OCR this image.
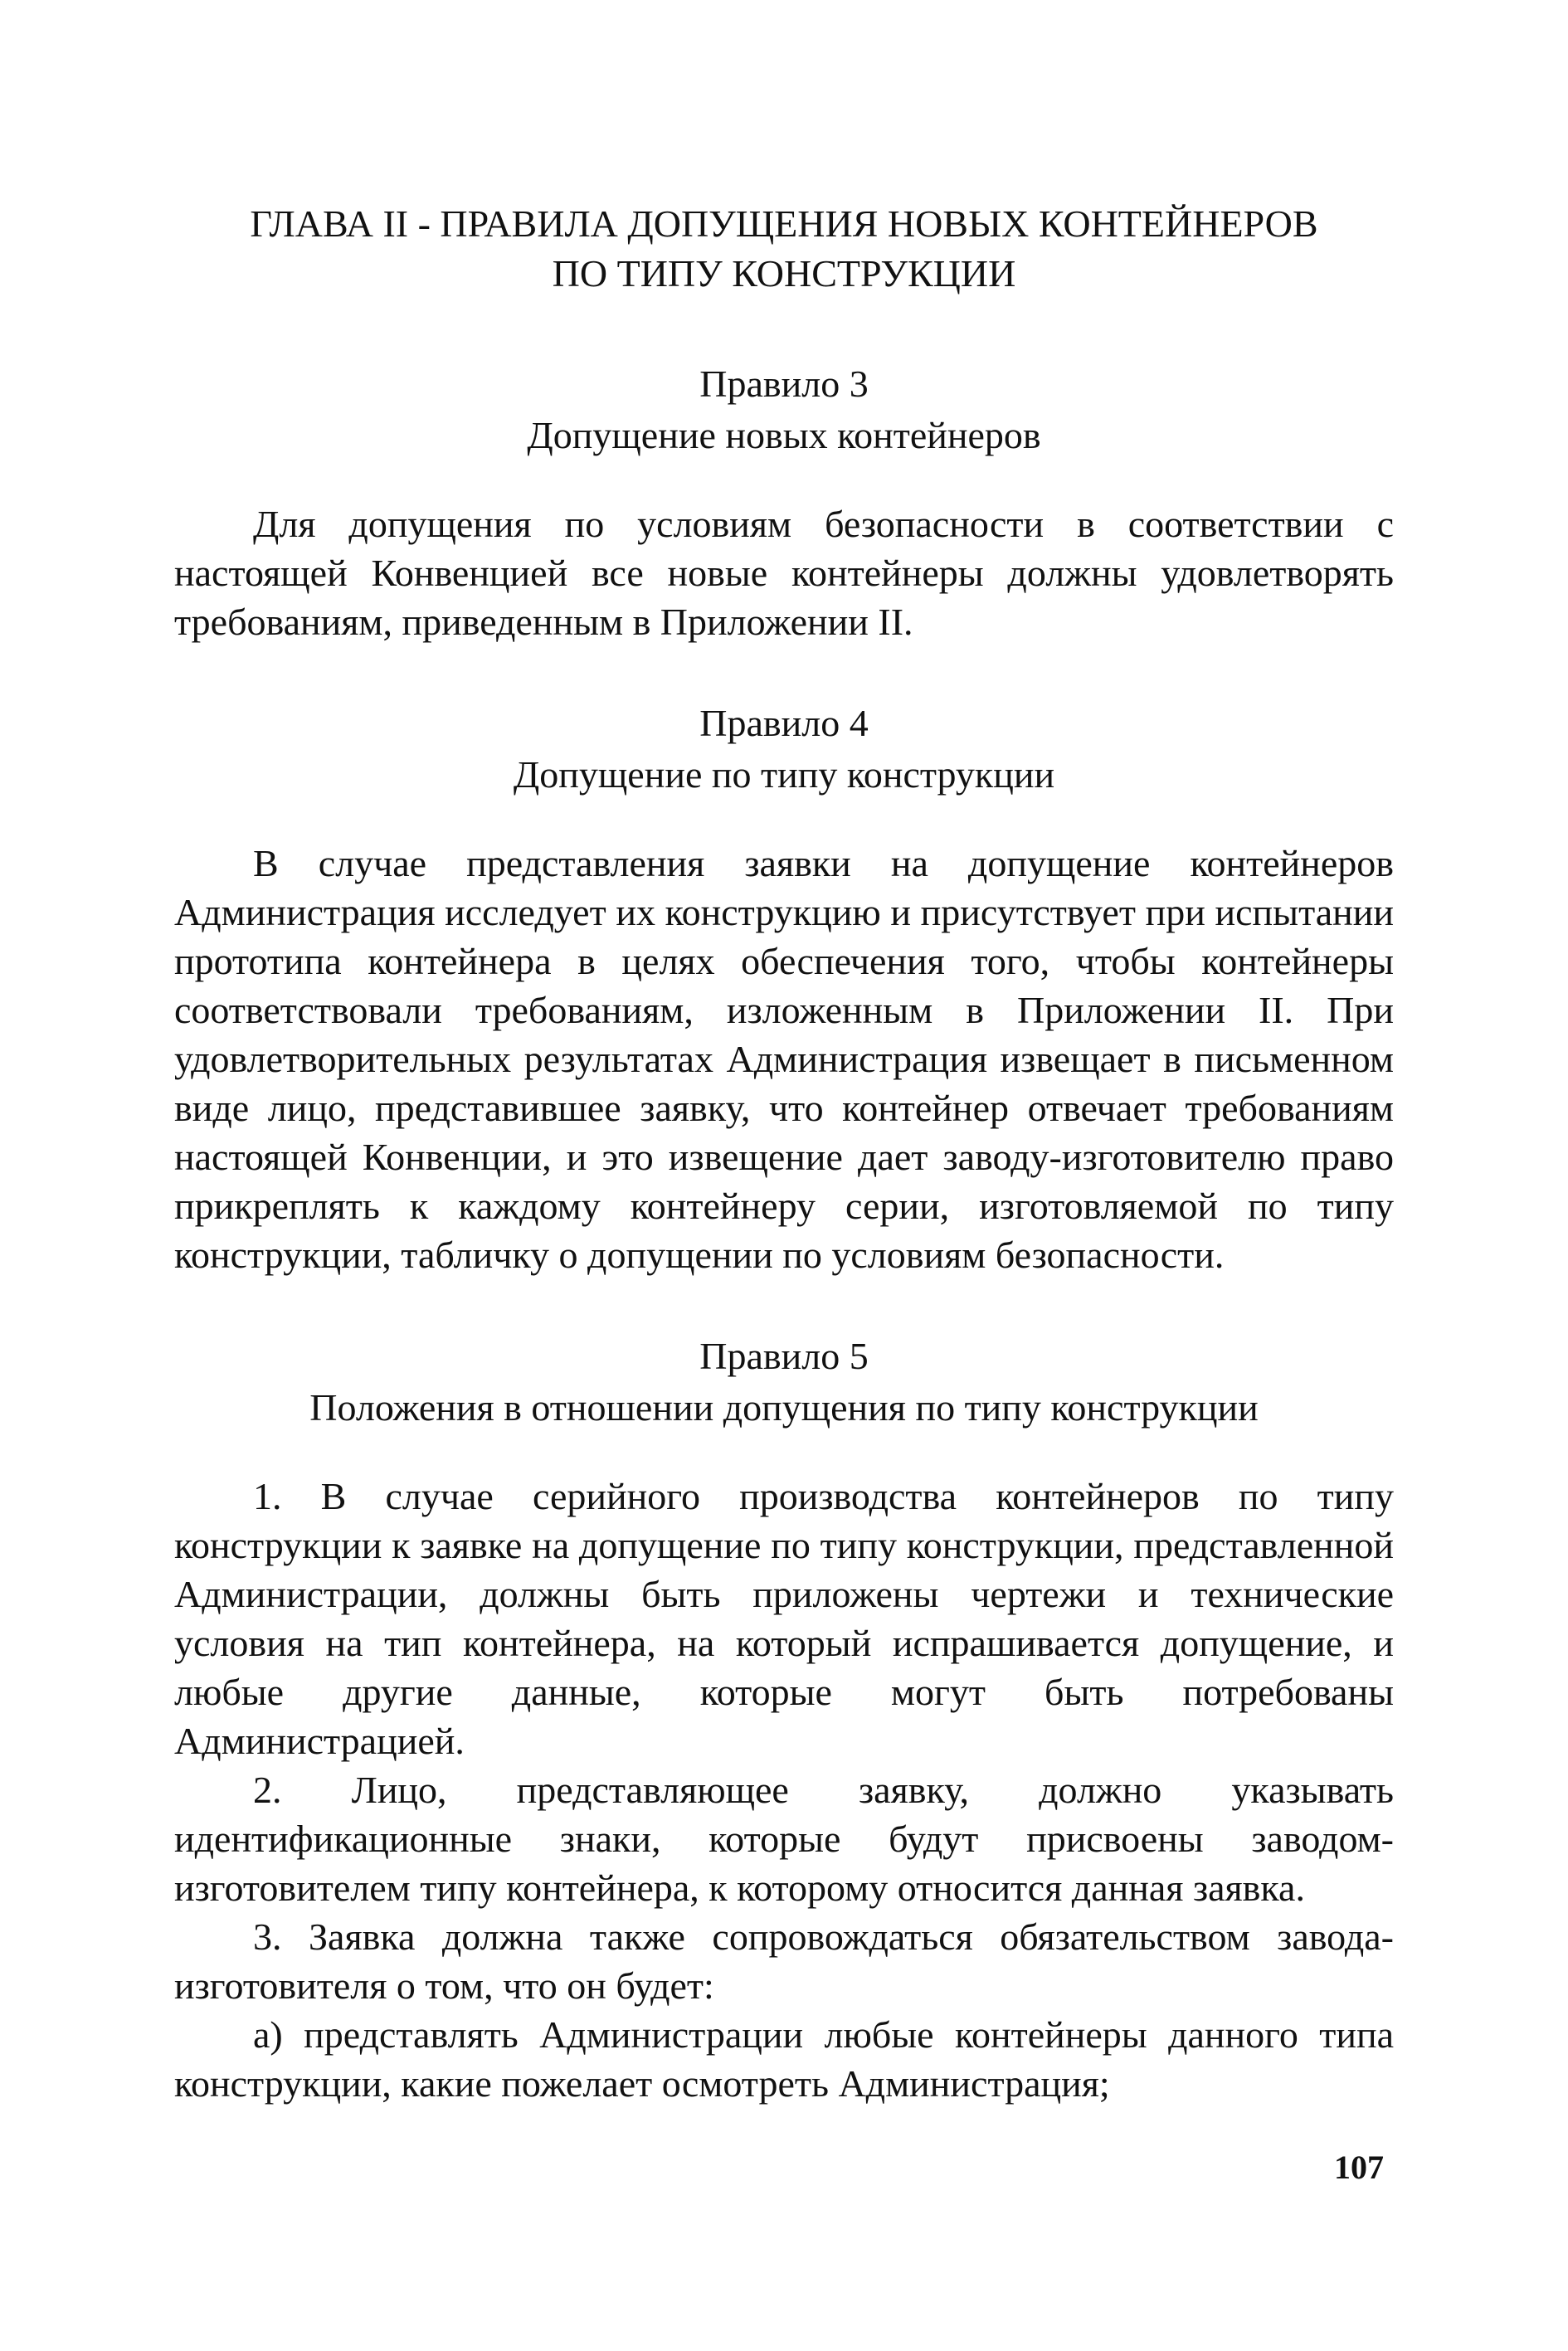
ГЛАВА II - ПРАВИЛА ДОПУЩЕНИЯ НОВЫХ КОНТЕЙНЕРОВ

ПО ТИПУ КОНСТРУКЦИИ

Правило 3

Допущение новых контейнеров

Для допущения по условиям безопасности в соответствии с настоящей Конвенцией все новые контейнеры должны удовлетворять требованиям, приведенным в Приложении II.

Правило 4

Допущение по типу конструкции

В случае представления заявки на допущение контейнеров Администрация исследует их конструкцию и присутствует при испытании прототипа контейнера в целях обеспечения того, чтобы контейнеры соответствовали требованиям, изложенным в Приложении II. При удовлетворительных результатах Администрация извещает в письменном виде лицо, представившее заявку, что контейнер отвечает требованиям настоящей Конвенции, и это извещение дает заводу-изготовителю право прикреплять к каждому контейнеру серии, изготовляемой по типу конструкции, табличку о допущении по условиям безопасности.

Правило 5

Положения в отношении допущения по типу конструкции

1. В случае серийного производства контейнеров по типу конструкции к заявке на допущение по типу конструкции, представленной Администрации, должны быть приложены чертежи и технические условия на тип контейнера, на который испрашивается допущение, и любые другие данные, которые могут быть потребованы Администрацией.

2. Лицо, представляющее заявку, должно указывать идентификационные знаки, которые будут присвоены заводом-изготовителем типу контейнера, к которому относится данная заявка.

3. Заявка должна также сопровождаться обязательством завода-изготовителя о том, что он будет:

а) представлять Администрации любые контейнеры данного типа конструкции, какие пожелает осмотреть Администрация;

107
